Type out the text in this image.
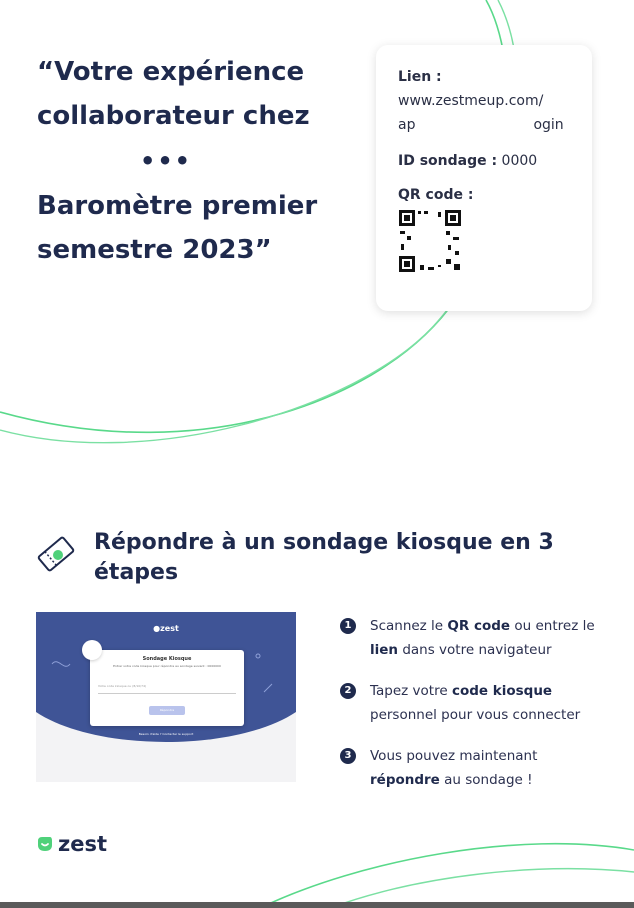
“Votre expérience
collaborateur chez
•••
Baromètre premier
semestre 2023”
Lien :
www.zestmeup.com/
ap	ogin
ID sondage : 0000
QR code :
Répondre à un sondage kiosque en 3 étapes
●zest
Sondage Kiosque
Entrer votre code kiosque pour répondre au sondage suivant : 0000000
Votre code kiosque ou (8/10/74)
Répondre
Besoin d'aide ? Contacter le support
1	Scannez le QR code ou entrez le lien dans votre navigateur
2	Tapez votre code kiosque personnel pour vous connecter
3	Vous pouvez maintenant répondre au sondage !
zest
